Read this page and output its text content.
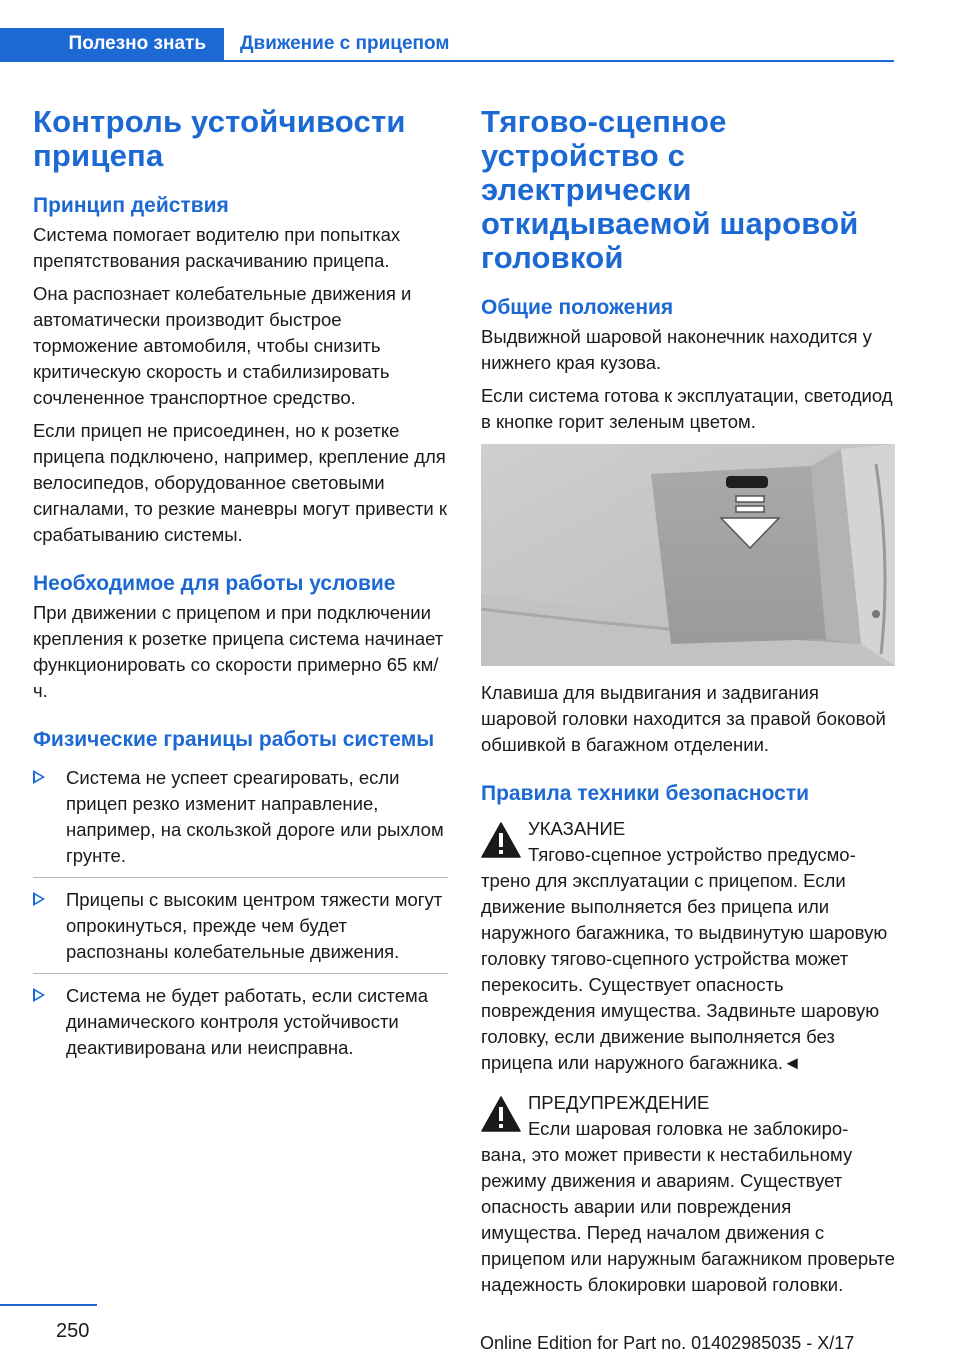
Полезно знать Движение с прицепом
Контроль устойчивости прицепа
Принцип действия

Система помогает водителю при попытках препятствования раскачиванию прицепа.

Она распознает колебательные движения и автоматически производит быстрое торможение автомобиля, чтобы снизить критическую скорость и стабилизировать сочлененное транспортное средство.

Если прицеп не присоединен, но к розетке прицепа подключено, например, крепление для велосипедов, оборудованное световыми сигналами, то резкие маневры могут привести к срабатыванию системы.

Необходимое для работы условие

При движении с прицепом и при подключении крепления к розетке прицепа система начинает функционировать со скорости примерно 65 км/ч.

Физические границы работы системы
Система не успеет среагировать, если прицеп резко изменит направление, например, на скользкой дороге или рыхлом грунте.
Прицепы с высоким центром тяжести могут опрокинуться, прежде чем будет распознаны колебательные движения.
Система не будет работать, если система динамического контроля устойчивости деактивирована или неисправна.
Тягово-сцепное устройство с электрически откидываемой шаровой головкой
Общие положения

Выдвижной шаровой наконечник находится у нижнего края кузова.

Если система готова к эксплуатации, светодиод в кнопке горит зеленым цветом.

Клавиша для выдвигания и задвигания шаровой головки находится за правой боковой обшивкой в багажном отделении.

Правила техники безопасности
УКАЗАНИЕ
Тягово-сцепное устройство предусмо-
трено для эксплуатации с прицепом. Если движение выполняется без прицепа или наружного багажника, то выдвинутую шаровую головку тягово-сцепного устройства может перекосить. Существует опасность повреждения имущества. Задвиньте шаровую головку, если движение выполняется без прицепа или наружного багажника.◄
ПРЕДУПРЕЖДЕНИЕ
Если шаровая головка не заблокиро-
вана, это может привести к нестабильному режиму движения и авариям. Существует опасность аварии или повреждения имущества. Перед началом движения с прицепом или наружным багажником проверьте надежность блокировки шаровой головки.
250
Online Edition for Part no. 01402985035 - X/17
